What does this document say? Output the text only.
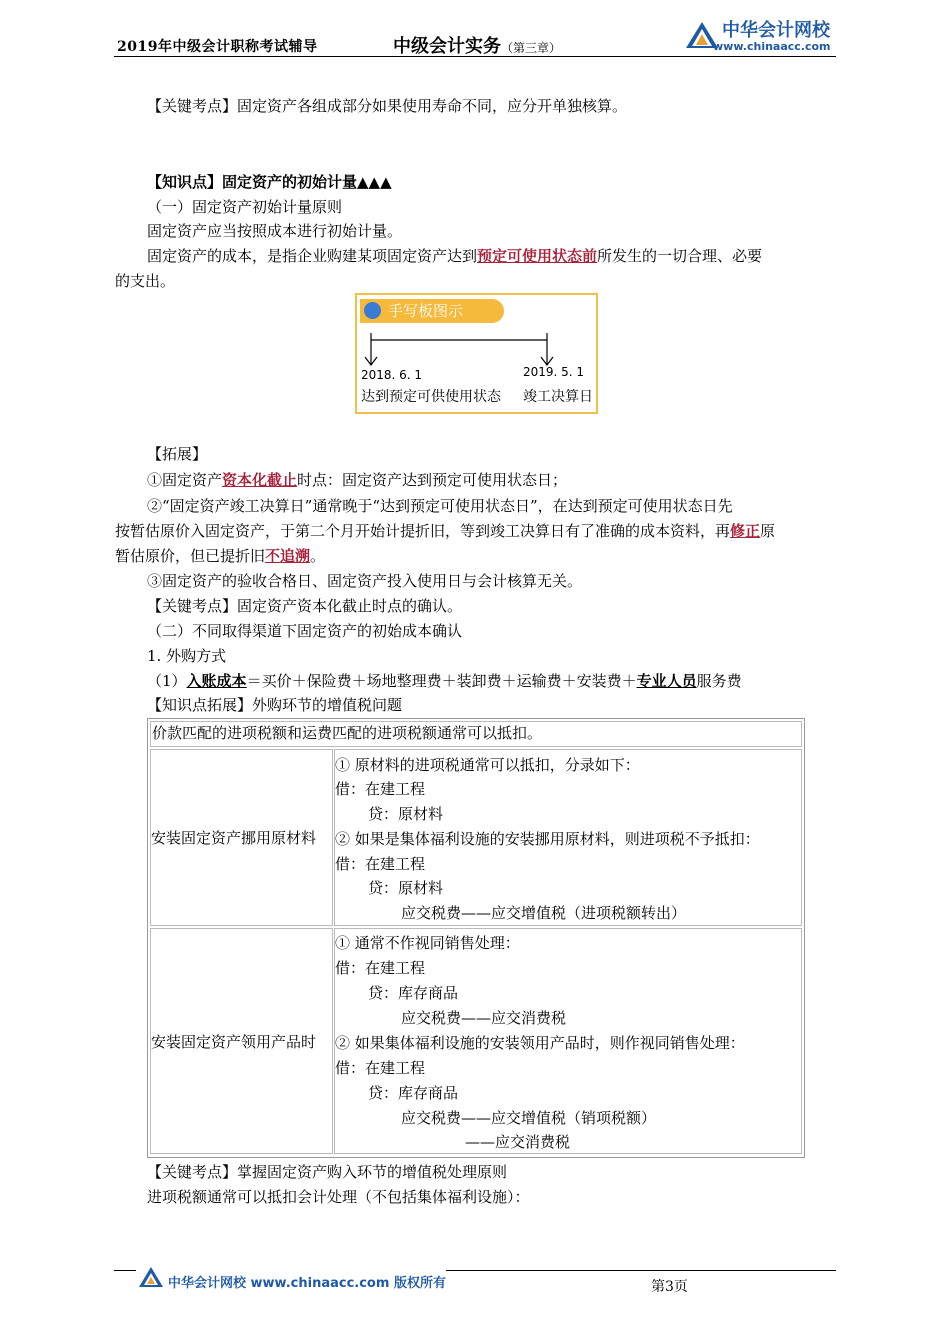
2019年中级会计职称考试辅导	中级会计实务（第三章）
中华会计网校
www.chinaacc.com
【关键考点】固定资产各组成部分如果使用寿命不同，应分开单独核算。
【知识点】固定资产的初始计量▲▲▲
（一）固定资产初始计量原则
固定资产应当按照成本进行初始计量。
固定资产的成本，是指企业购建某项固定资产达到预定可使用状态前所发生的一切合理、必要
的支出。
手写板图示
2018. 6. 1
达到预定可供使用状态
2019. 5. 1
竣工决算日
【拓展】
①固定资产资本化截止时点：固定资产达到预定可使用状态日；
②“固定资产竣工决算日”通常晚于“达到预定可使用状态日”，在达到预定可使用状态日先
按暂估原价入固定资产，于第二个月开始计提折旧，等到竣工决算日有了准确的成本资料，再修正原
暂估原价，但已提折旧不追溯。
③固定资产的验收合格日、固定资产投入使用日与会计核算无关。
【关键考点】固定资产资本化截止时点的确认。
（二）不同取得渠道下固定资产的初始成本确认
1. 外购方式
（1）入账成本＝买价＋保险费＋场地整理费＋装卸费＋运输费＋安装费＋专业人员服务费
【知识点拓展】外购环节的增值税问题
价款匹配的进项税额和运费匹配的进项税额通常可以抵扣。
安装固定资产挪用原材料
① 原材料的进项税通常可以抵扣，分录如下：
借：在建工程
贷：原材料
② 如果是集体福利设施的安装挪用原材料，则进项税不予抵扣：
借：在建工程
贷：原材料
应交税费——应交增值税（进项税额转出）
安装固定资产领用产品时
① 通常不作视同销售处理：
借：在建工程
贷：库存商品
应交税费——应交消费税
② 如果集体福利设施的安装领用产品时，则作视同销售处理：
借：在建工程
贷：库存商品
应交税费——应交增值税（销项税额）
——应交消费税
【关键考点】掌握固定资产购入环节的增值税处理原则
进项税额通常可以抵扣会计处理（不包括集体福利设施）：
中华会计网校 www.chinaacc.com 版权所有	第3页
